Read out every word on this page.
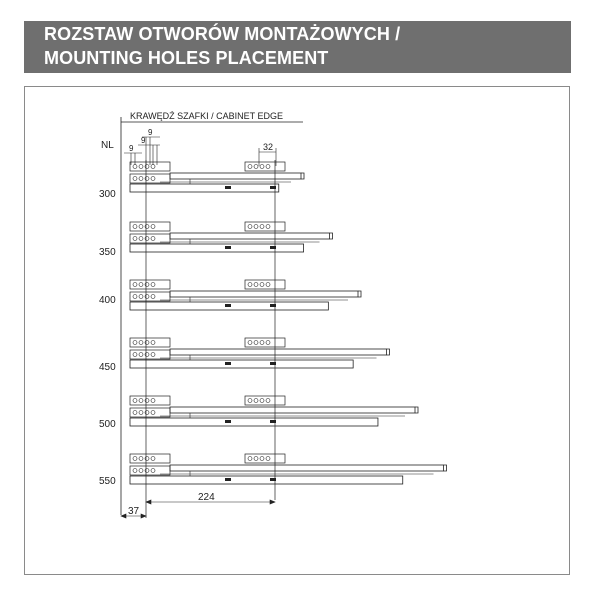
ROZSTAW OTWORÓW MONTAŻOWYCH /
MOUNTING HOLES PLACEMENT
KRAWĘDŹ SZAFKI / CABINET EDGE
NL
9
9
9	32
300
350
400
450
500
550
224
37
